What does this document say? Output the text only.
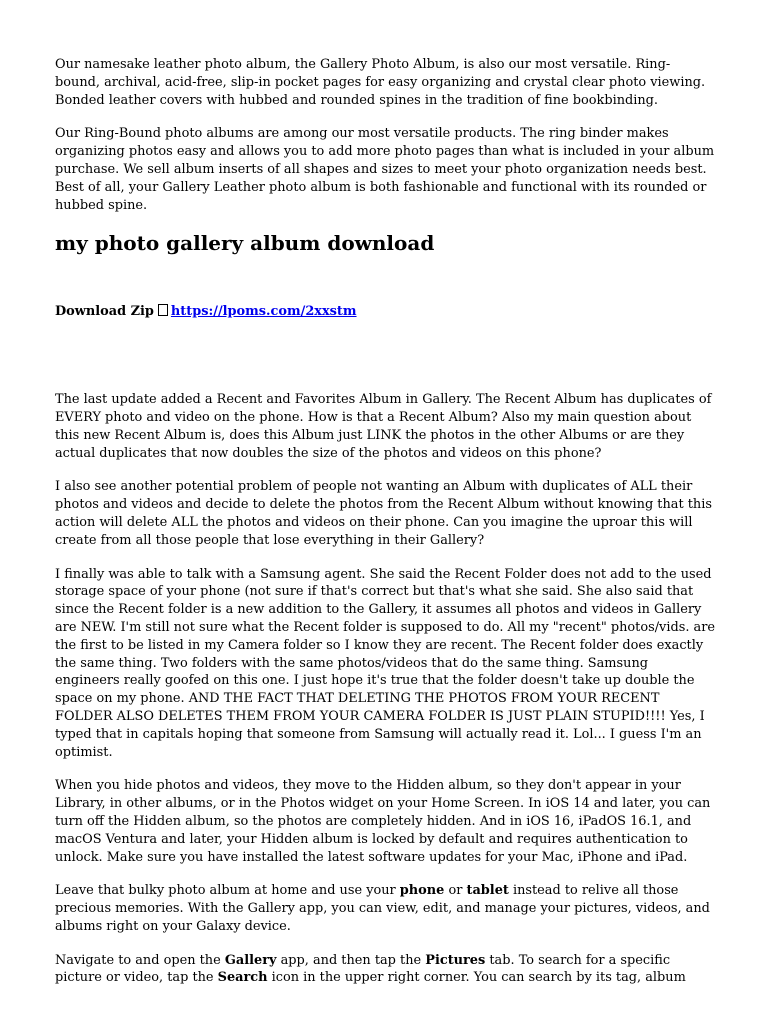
Our namesake leather photo album, the Gallery Photo Album, is also our most versatile. Ring-bound, archival, acid-free, slip-in pocket pages for easy organizing and crystal clear photo viewing. Bonded leather covers with hubbed and rounded spines in the tradition of fine bookbinding.

Our Ring-Bound photo albums are among our most versatile products. The ring binder makes organizing photos easy and allows you to add more photo pages than what is included in your album purchase. We sell album inserts of all shapes and sizes to meet your photo organization needs best. Best of all, your Gallery Leather photo album is both fashionable and functional with its rounded or hubbed spine.

my photo gallery album download
Download Zip https://lpoms.com/2xxstm

The last update added a Recent and Favorites Album in Gallery. The Recent Album has duplicates of EVERY photo and video on the phone. How is that a Recent Album? Also my main question about this new Recent Album is, does this Album just LINK the photos in the other Albums or are they actual duplicates that now doubles the size of the photos and videos on this phone?

I also see another potential problem of people not wanting an Album with duplicates of ALL their photos and videos and decide to delete the photos from the Recent Album without knowing that this action will delete ALL the photos and videos on their phone. Can you imagine the uproar this will create from all those people that lose everything in their Gallery?

I finally was able to talk with a Samsung agent. She said the Recent Folder does not add to the used storage space of your phone (not sure if that's correct but that's what she said. She also said that since the Recent folder is a new addition to the Gallery, it assumes all photos and videos in Gallery are NEW. I'm still not sure what the Recent folder is supposed to do. All my "recent" photos/vids. are the first to be listed in my Camera folder so I know they are recent. The Recent folder does exactly the same thing. Two folders with the same photos/videos that do the same thing. Samsung engineers really goofed on this one. I just hope it's true that the folder doesn't take up double the space on my phone. AND THE FACT THAT DELETING THE PHOTOS FROM YOUR RECENT FOLDER ALSO DELETES THEM FROM YOUR CAMERA FOLDER IS JUST PLAIN STUPID!!!! Yes, I typed that in capitals hoping that someone from Samsung will actually read it. Lol... I guess I'm an optimist.

When you hide photos and videos, they move to the Hidden album, so they don't appear in your Library, in other albums, or in the Photos widget on your Home Screen. In iOS 14 and later, you can turn off the Hidden album, so the photos are completely hidden. And in iOS 16, iPadOS 16.1, and macOS Ventura and later, your Hidden album is locked by default and requires authentication to unlock. Make sure you have installed the latest software updates for your Mac, iPhone and iPad.

Leave that bulky photo album at home and use your phone or tablet instead to relive all those precious memories. With the Gallery app, you can view, edit, and manage your pictures, videos, and albums right on your Galaxy device.

Navigate to and open the Gallery app, and then tap the Pictures tab. To search for a specific picture or video, tap the Search icon in the upper right corner. You can search by its tag, album
